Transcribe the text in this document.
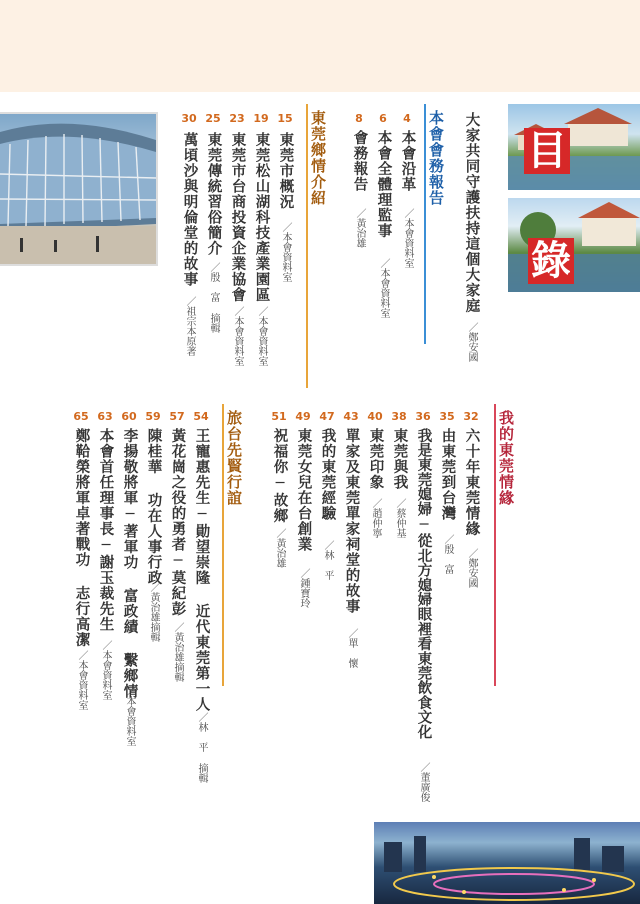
目
錄
本會會務報告 大家共同守護扶持這個大家庭
／鄭安國
4
本會沿革
／本會資料室
6
本會全體理監事
／本會資料室
8
會務報告
／黃治雄
東莞鄉情介紹
15
東莞市概況
／本會資料室
19
東莞松山湖科技產業園區
／本會資料室
23
東莞市台商投資企業協會
／本會資料室
25
東莞傳統習俗簡介
／殷　富 摘輯
30
萬頃沙與明倫堂的故事
／祖宗本原著
我的東莞情緣
32
六十年東莞情緣
／鄭安國
35
由東莞到台灣
／殷　富
36
我是東莞媳婦─從北方媳婦眼裡看東莞飲食文化
／董廣俊
38
東莞與我
／蔡仲基
40
東莞印象
／趙仲寧
43
單家及東莞單家祠堂的故事
／單　懷
47
我的東莞經驗
／林　平
49
東莞女兒在台創業
／鍾寶玲
51
祝福你─故鄉
／黃治雄
旅台先賢行誼
54
王寵惠先生─勛望崇隆 近代東莞第一人
／林　平 摘輯
57
黃花崗之役的勇者─莫紀彭
／黃治雄摘輯
59
陳桂華 功在人事行政
／黃治雄摘輯
60
李揚敬將軍─著軍功 富政績 繫鄉情
／本會資料室
63
本會首任理事長─謝玉裁先生
／本會資料室
65
鄭鞈榮將軍卓著戰功 志行高潔
／本會資料室
